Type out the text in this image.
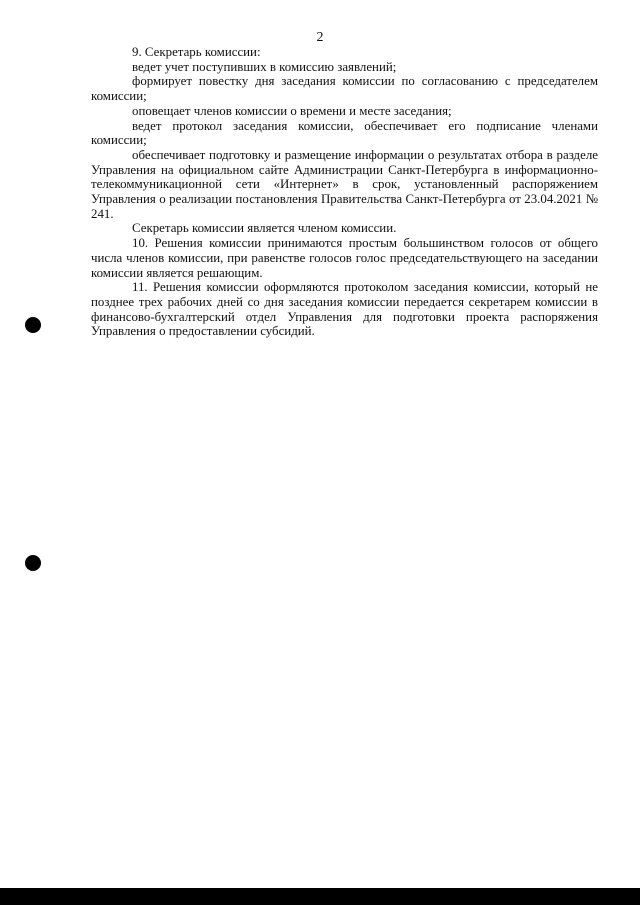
2

9. Секретарь комиссии:

ведет учет поступивших в комиссию заявлений;

формирует повестку дня заседания комиссии по согласованию с председателем комиссии;

оповещает членов комиссии о времени и месте заседания;

ведет протокол заседания комиссии, обеспечивает его подписание членами комиссии;

обеспечивает подготовку и размещение информации о результатах отбора в разделе Управления на официальном сайте Администрации Санкт-Петербурга в информационно-телекоммуникационной сети «Интернет» в срок, установленный распоряжением Управления о реализации постановления Правительства Санкт-Петербурга от 23.04.2021 № 241.

Секретарь комиссии является членом комиссии.

10. Решения комиссии принимаются простым большинством голосов от общего числа членов комиссии, при равенстве голосов голос председательствующего на заседании комиссии является решающим.

11. Решения комиссии оформляются протоколом заседания комиссии, который не позднее трех рабочих дней со дня заседания комиссии передается секретарем комиссии в финансово-бухгалтерский отдел Управления для подготовки проекта распоряжения Управления о предоставлении субсидий.
